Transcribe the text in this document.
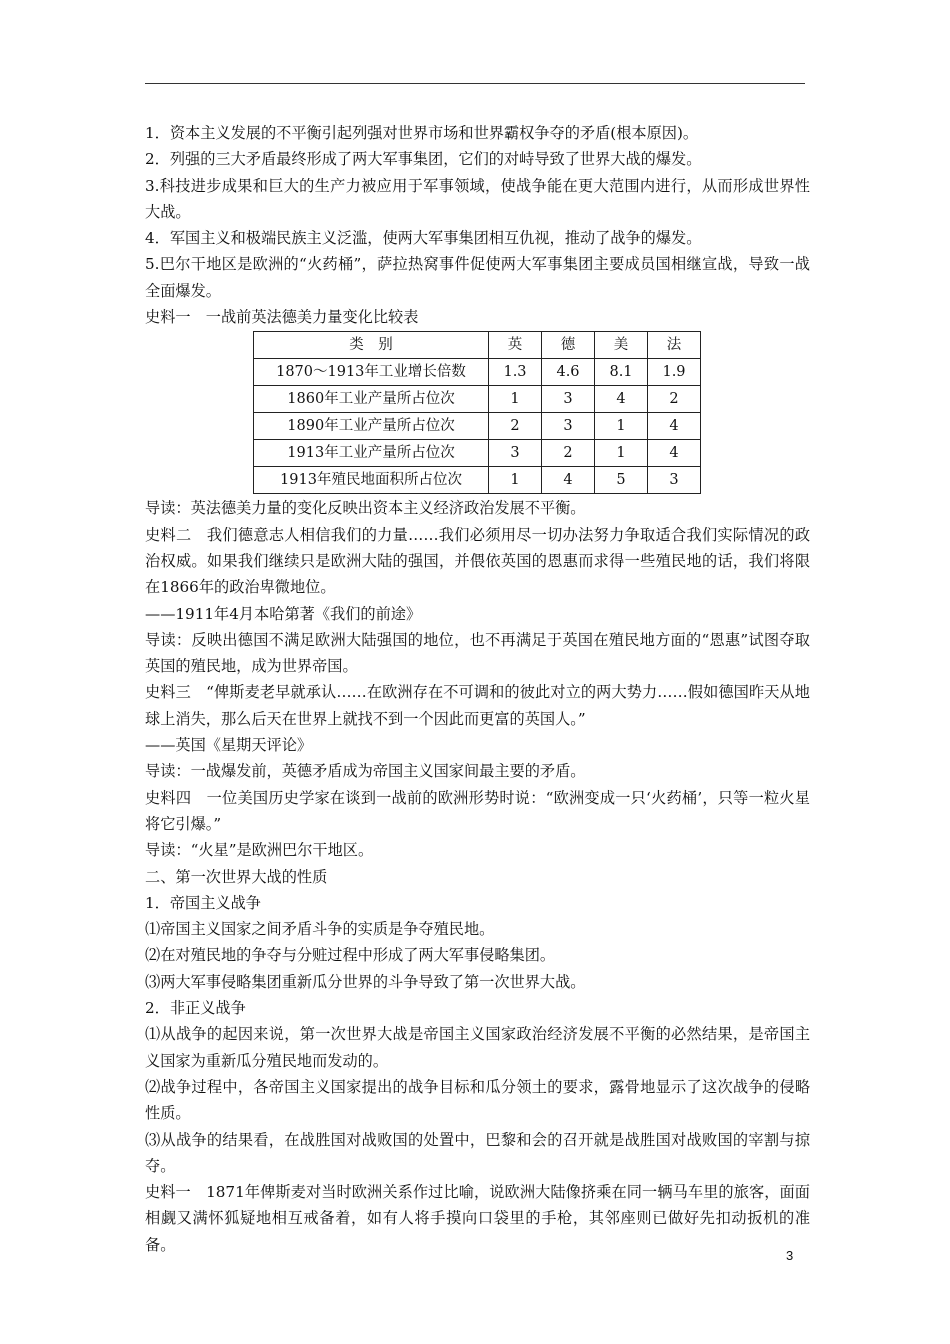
1．资本主义发展的不平衡引起列强对世界市场和世界霸权争夺的矛盾(根本原因)。

2．列强的三大矛盾最终形成了两大军事集团，它们的对峙导致了世界大战的爆发。

3.科技进步成果和巨大的生产力被应用于军事领域，使战争能在更大范围内进行，从而形成世界性大战。

4．军国主义和极端民族主义泛滥，使两大军事集团相互仇视，推动了战争的爆发。

5.巴尔干地区是欧洲的“火药桶”，萨拉热窝事件促使两大军事集团主要成员国相继宣战，导致一战全面爆发。

史料一　一战前英法德美力量变化比较表

类　别	英	德	美	法
1870～1913年工业增长倍数	1.3	4.6	8.1	1.9
1860年工业产量所占位次	1	3	4	2
1890年工业产量所占位次	2	3	1	4
1913年工业产量所占位次	3	2	1	4
1913年殖民地面积所占位次	1	4	5	3

导读：英法德美力量的变化反映出资本主义经济政治发展不平衡。

史料二　我们德意志人相信我们的力量……我们必须用尽一切办法努力争取适合我们实际情况的政治权威。如果我们继续只是欧洲大陆的强国，并偎依英国的恩惠而求得一些殖民地的话，我们将限在1866年的政治卑微地位。

——1911年4月本哈第著《我们的前途》

导读：反映出德国不满足欧洲大陆强国的地位，也不再满足于英国在殖民地方面的“恩惠”试图夺取英国的殖民地，成为世界帝国。

史料三　“俾斯麦老早就承认……在欧洲存在不可调和的彼此对立的两大势力……假如德国昨天从地球上消失，那么后天在世界上就找不到一个因此而更富的英国人。”

——英国《星期天评论》

导读：一战爆发前，英德矛盾成为帝国主义国家间最主要的矛盾。

史料四　一位美国历史学家在谈到一战前的欧洲形势时说：“欧洲变成一只‘火药桶’，只等一粒火星将它引爆。”

导读：“火星”是欧洲巴尔干地区。

二、第一次世界大战的性质

1．帝国主义战争

⑴帝国主义国家之间矛盾斗争的实质是争夺殖民地。

⑵在对殖民地的争夺与分赃过程中形成了两大军事侵略集团。

⑶两大军事侵略集团重新瓜分世界的斗争导致了第一次世界大战。

2．非正义战争

⑴从战争的起因来说，第一次世界大战是帝国主义国家政治经济发展不平衡的必然结果，是帝国主义国家为重新瓜分殖民地而发动的。

⑵战争过程中，各帝国主义国家提出的战争目标和瓜分领土的要求，露骨地显示了这次战争的侵略性质。

⑶从战争的结果看，在战胜国对战败国的处置中，巴黎和会的召开就是战胜国对战败国的宰割与掠夺。

史料一　1871年俾斯麦对当时欧洲关系作过比喻，说欧洲大陆像挤乘在同一辆马车里的旅客，面面相觑又满怀狐疑地相互戒备着，如有人将手摸向口袋里的手枪，其邻座则已做好先扣动扳机的准备。

3
